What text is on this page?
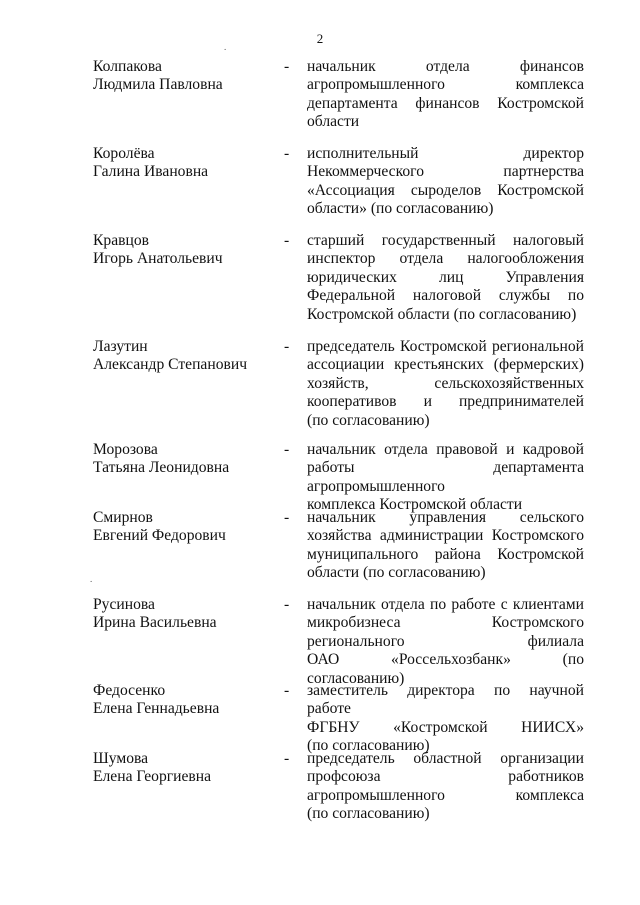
2
.
.
Колпакова
Людмила Павловна
- начальник отдела финансов
агропромышленного комплекса
департамента финансов Костромской
области
Королёва
Галина Ивановна
- исполнительный директор
Некоммерческого партнерства
«Ассоциация сыроделов Костромской
области» (по согласованию)
Кравцов
Игорь Анатольевич
- старший государственный налоговый
инспектор отдела налогообложения
юридических лиц Управления
Федеральной налоговой службы по
Костромской области (по согласованию)
Лазутин
Александр Степанович
- председатель Костромской региональной
ассоциации крестьянских (фермерских)
хозяйств, сельскохозяйственных
кооперативов и предпринимателей
(по согласованию)
Морозова
Татьяна Леонидовна
- начальник отдела правовой и кадровой
работы департамента агропромышленного
комплекса Костромской области
Смирнов
Евгений Федорович
- начальник управления сельского
хозяйства администрации Костромского
муниципального района Костромской
области (по согласованию)
Русинова
Ирина Васильевна
- начальник отдела по работе с клиентами
микробизнеса Костромского
регионального филиала
ОАО «Россельхозбанк» (по согласованию)
Федосенко
Елена Геннадьевна
- заместитель директора по научной работе
ФГБНУ «Костромской НИИСХ»
(по согласованию)
Шумова
Елена Георгиевна
- председатель областной организации
профсоюза работников
агропромышленного комплекса
(по согласованию)
